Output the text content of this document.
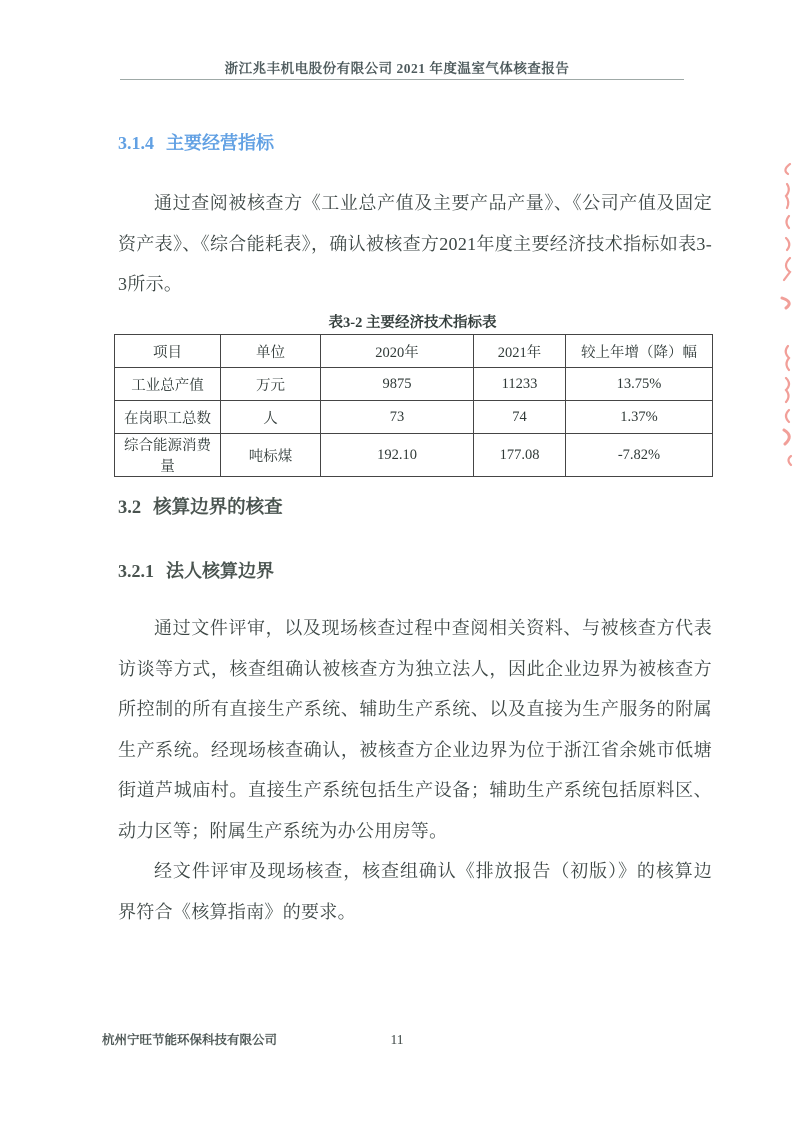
浙江兆丰机电股份有限公司 2021 年度温室气体核查报告
3.1.4 主要经营指标
通过查阅被核查方《工业总产值及主要产品产量》、《公司产值及固定资产表》、《综合能耗表》，确认被核查方2021年度主要经济技术指标如表3-3所示。
表3-2 主要经济技术指标表
项目	单位	2020年	2021年	较上年增（降）幅
工业总产值	万元	9875	11233	13.75%
在岗职工总数	人	73	74	1.37%
综合能源消费量	吨标煤	192.10	177.08	-7.82%
3.2 核算边界的核查
3.2.1 法人核算边界
通过文件评审，以及现场核查过程中查阅相关资料、与被核查方代表访谈等方式，核查组确认被核查方为独立法人，因此企业边界为被核查方所控制的所有直接生产系统、辅助生产系统、以及直接为生产服务的附属生产系统。经现场核查确认，被核查方企业边界为位于浙江省余姚市低塘街道芦城庙村。直接生产系统包括生产设备；辅助生产系统包括原料区、动力区等；附属生产系统为办公用房等。
经文件评审及现场核查，核查组确认《排放报告（初版）》的核算边界符合《核算指南》的要求。
杭州宁旺节能环保科技有限公司	11
